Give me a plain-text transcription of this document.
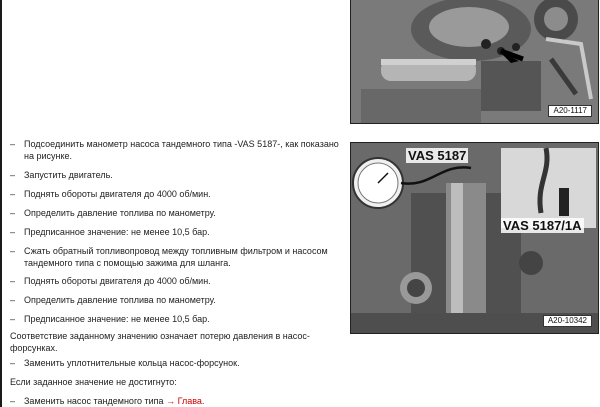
A20-1117
VAS 5187
VAS 5187/1A
A20-10342
– Подсоединить манометр насоса тандемного типа -VAS 5187-, как показано на рисунке.
– Запустить двигатель.
– Поднять обороты двигателя до 4000 об/мин.
– Определить давление топлива по манометру.
– Предписанное значение: не менее 10,5 бар.
– Сжать обратный топливопровод между топливным фильтром и насосом тандемного типа с помощью зажима для шланга.
– Поднять обороты двигателя до 4000 об/мин.
– Определить давление топлива по манометру.
– Предписанное значение: не менее 10,5 бар.
Соответствие заданному значению означает потерю давления в насос-форсунках.
– Заменить уплотнительные кольца насос-форсунок.
Если заданное значение не достигнуто:
– Заменить насос тандемного типа → Глава.
